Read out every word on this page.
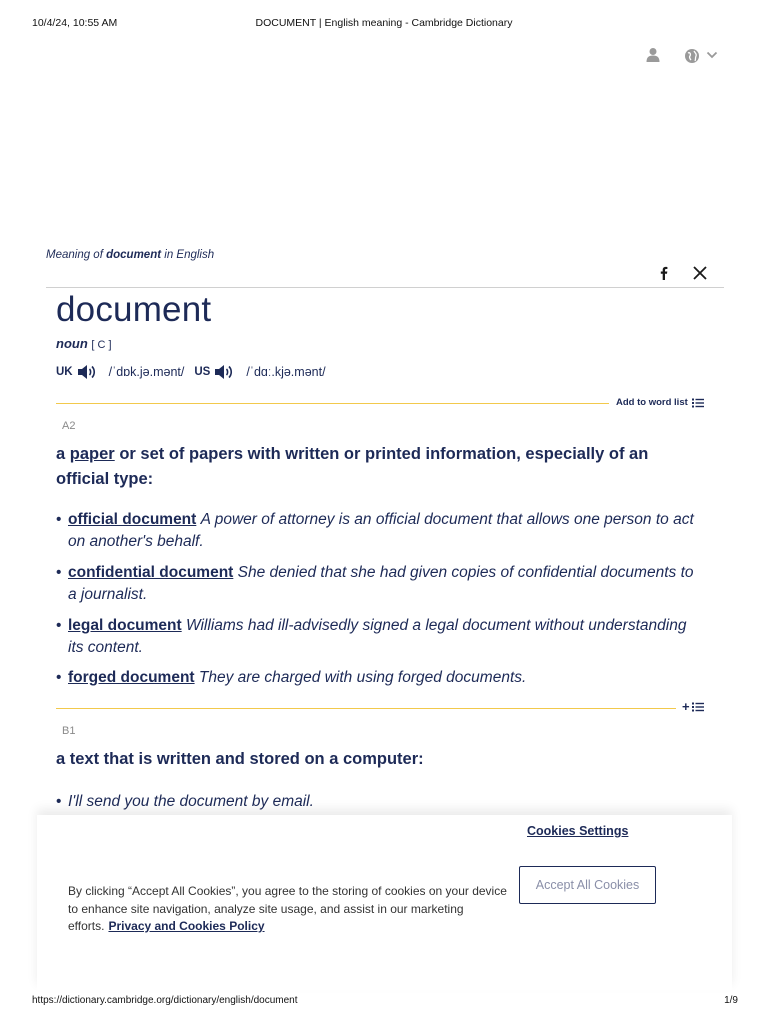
10/4/24, 10:55 AM	DOCUMENT | English meaning - Cambridge Dictionary
Meaning of document in English
document
noun [ C ]
UK	/ˈdɒk.jə.mənt/ US	/ˈdɑː.kjə.mənt/
Add to word list
A2
a paper or set of papers with written or printed information, especially of an official type:
• official document A power of attorney is an official document that allows one person to act on another's behalf.
• confidential document She denied that she had given copies of confidential documents to a journalist.
• legal document Williams had ill-advisedly signed a legal document without understanding its content.
• forged document They are charged with using forged documents.
+
B1
a text that is written and stored on a computer:
• I'll send you the document by email.
Cookies Settings
Accept All Cookies

By clicking “Accept All Cookies”, you agree to the storing of cookies on your device to enhance site navigation, analyze site usage, and assist in our marketing efforts. Privacy and Cookies Policy

https://dictionary.cambridge.org/dictionary/english/document	1/9
